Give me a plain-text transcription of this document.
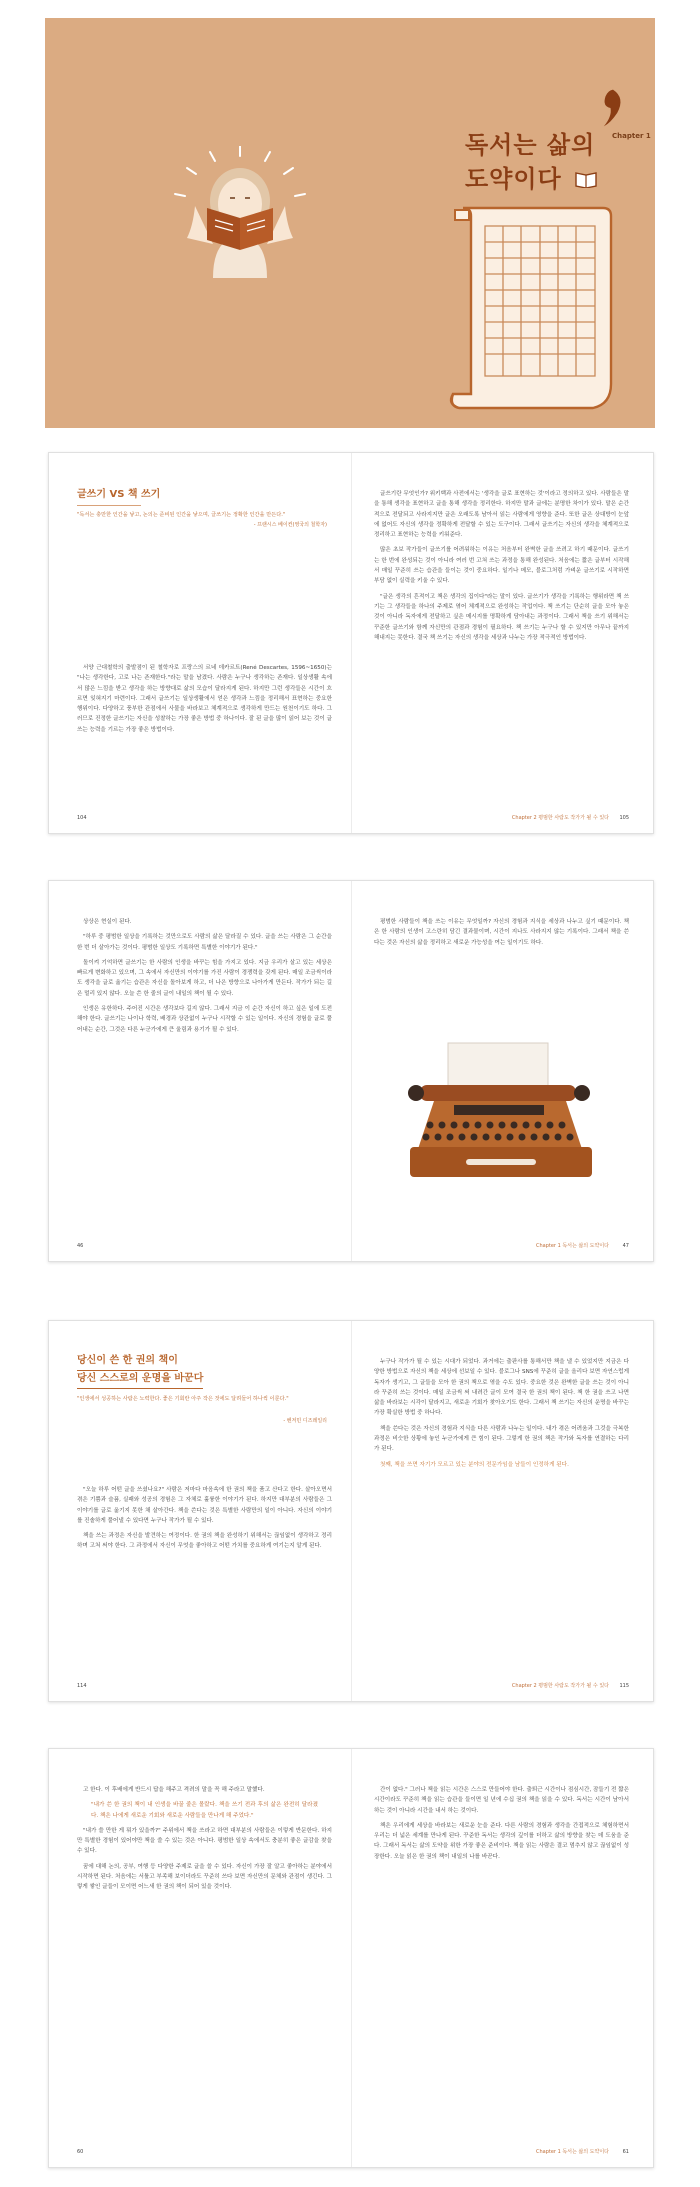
독서는 삶의
도약이다
Chapter 1
글쓰기 VS 책 쓰기
"독서는 충만한 인간을 낳고, 논의는 준비된 인간을 낳으며, 글쓰기는 정확한 인간을 만든다."
- 프랜시스 베이컨(영국의 철학자)

서양 근대철학의 출발점이 된 철학자로 프랑스의 르네 데카르트(René Descartes, 1596~1650)는 "나는 생각한다, 고로 나는 존재한다."라는 말을 남겼다. 사람은 누구나 생각하는 존재다. 일상생활 속에서 많은 느낌을 받고 생각을 하는 방향대로 삶의 모습이 달라지게 된다. 하지만 그런 생각들은 시간이 흐르면 잊혀지기 마련이다. 그래서 글쓰기는 일상생활에서 얻은 생각과 느낌을 정리해서 표현하는 중요한 행위이다. 다양하고 풍부한 관점에서 사물을 바라보고 체계적으로 생각하게 만드는 원천이기도 하다. 그러므로 진정한 글쓰기는 자신을 성찰하는 가장 좋은 방법 중 하나이다. 잘 된 글을 많이 읽어 보는 것이 글 쓰는 능력을 기르는 가장 좋은 방법이다.

104

글쓰기란 무엇인가? 위키백과 사전에서는 '생각을 글로 표현하는 것'이라고 정의하고 있다. 사람들은 말을 통해 생각을 표현하고 글을 통해 생각을 정리한다. 하지만 말과 글에는 분명한 차이가 있다. 말은 순간적으로 전달되고 사라지지만 글은 오래도록 남아서 읽는 사람에게 영향을 준다. 또한 글은 상대방이 눈앞에 없어도 자신의 생각을 정확하게 전달할 수 있는 도구이다. 그래서 글쓰기는 자신의 생각을 체계적으로 정리하고 표현하는 능력을 키워준다.

많은 초보 작가들이 글쓰기를 어려워하는 이유는 처음부터 완벽한 글을 쓰려고 하기 때문이다. 글쓰기는 한 번에 완성되는 것이 아니라 여러 번 고쳐 쓰는 과정을 통해 완성된다. 처음에는 짧은 글부터 시작해서 매일 꾸준히 쓰는 습관을 들이는 것이 중요하다. 일기나 메모, 블로그처럼 가벼운 글쓰기로 시작하면 부담 없이 실력을 키울 수 있다.

"글은 생각의 흔적이고 책은 생각의 집이다"라는 말이 있다. 글쓰기가 생각을 기록하는 행위라면 책 쓰기는 그 생각들을 하나의 주제로 엮어 체계적으로 완성하는 작업이다. 책 쓰기는 단순히 글을 모아 놓은 것이 아니라 독자에게 전달하고 싶은 메시지를 명확하게 담아내는 과정이다. 그래서 책을 쓰기 위해서는 꾸준한 글쓰기와 함께 자신만의 관점과 경험이 필요하다. 책 쓰기는 누구나 할 수 있지만 아무나 끝까지 해내지는 못한다. 결국 책 쓰기는 자신의 생각을 세상과 나누는 가장 적극적인 방법이다.

Chapter 2 평범한 사람도 작가가 될 수 있다 105

상상은 현실이 된다.

"하루 중 평범한 일상을 기록하는 것만으로도 사람의 삶은 달라질 수 있다. 글을 쓰는 사람은 그 순간을 한 번 더 살아가는 것이다. 평범한 일상도 기록하면 특별한 이야기가 된다."

돌이켜 기억하면 글쓰기는 한 사람의 인생을 바꾸는 힘을 가지고 있다. 지금 우리가 살고 있는 세상은 빠르게 변화하고 있으며, 그 속에서 자신만의 이야기를 가진 사람이 경쟁력을 갖게 된다. 매일 조금씩이라도 생각을 글로 옮기는 습관은 자신을 돌아보게 하고, 더 나은 방향으로 나아가게 만든다. 작가가 되는 길은 멀리 있지 않다. 오늘 쓴 한 줄의 글이 내일의 책이 될 수 있다.

인생은 유한하다. 주어진 시간은 생각보다 길지 않다. 그래서 지금 이 순간 자신이 하고 싶은 일에 도전해야 한다. 글쓰기는 나이나 학력, 배경과 상관없이 누구나 시작할 수 있는 일이다. 자신의 경험을 글로 풀어내는 순간, 그것은 다른 누군가에게 큰 울림과 용기가 될 수 있다.

46

평범한 사람들이 책을 쓰는 이유는 무엇일까? 자신의 경험과 지식을 세상과 나누고 싶기 때문이다. 책은 한 사람의 인생이 고스란히 담긴 결과물이며, 시간이 지나도 사라지지 않는 기록이다. 그래서 책을 쓴다는 것은 자신의 삶을 정리하고 새로운 가능성을 여는 일이기도 하다.

Chapter 1 독서는 삶의 도약이다	47
당신이 쓴 한 권의 책이
당신 스스로의 운명을 바꾼다
"인생에서 성공하는 사람은 노력한다. 좋은 기회란 아주 작은 것에도 달려들어 하나씩 이룬다."
- 벤저민 디즈레일리

"오늘 하루 어떤 글을 쓰셨나요?" 사람은 저마다 마음속에 한 권의 책을 품고 산다고 한다. 살아오면서 겪은 기쁨과 슬픔, 실패와 성공의 경험은 그 자체로 훌륭한 이야기가 된다. 하지만 대부분의 사람들은 그 이야기를 글로 옮기지 못한 채 살아간다. 책을 쓴다는 것은 특별한 사람만의 일이 아니다. 자신의 이야기를 진솔하게 풀어낼 수 있다면 누구나 작가가 될 수 있다.

책을 쓰는 과정은 자신을 발견하는 여정이다. 한 권의 책을 완성하기 위해서는 끊임없이 생각하고 정리하며 고쳐 써야 한다. 그 과정에서 자신이 무엇을 좋아하고 어떤 가치를 중요하게 여기는지 알게 된다.

114

누구나 작가가 될 수 있는 시대가 되었다. 과거에는 출판사를 통해서만 책을 낼 수 있었지만 지금은 다양한 방법으로 자신의 책을 세상에 선보일 수 있다. 블로그나 SNS에 꾸준히 글을 올리다 보면 자연스럽게 독자가 생기고, 그 글들을 모아 한 권의 책으로 엮을 수도 있다. 중요한 것은 완벽한 글을 쓰는 것이 아니라 꾸준히 쓰는 것이다. 매일 조금씩 써 내려간 글이 모여 결국 한 권의 책이 된다. 책 한 권을 쓰고 나면 삶을 바라보는 시각이 달라지고, 새로운 기회가 찾아오기도 한다. 그래서 책 쓰기는 자신의 운명을 바꾸는 가장 확실한 방법 중 하나다.

책을 쓴다는 것은 자신의 경험과 지식을 다른 사람과 나누는 일이다. 내가 겪은 어려움과 그것을 극복한 과정은 비슷한 상황에 놓인 누군가에게 큰 힘이 된다. 그렇게 한 권의 책은 작가와 독자를 연결하는 다리가 된다.

첫째, 책을 쓰면 자기가 모르고 있는 분야의 전문가임을 남들이 인정하게 된다.

Chapter 2 평범한 사람도 작가가 될 수 있다 115

고 한다. 이 후배에게 반드시 답을 해주고 격려의 말을 꼭 해 주라고 말했다.

"내가 쓴 한 권의 책이 내 인생을 바꿀 줄은 몰랐다. 책을 쓰기 전과 후의 삶은 완전히 달라졌다. 책은 나에게 새로운 기회와 새로운 사람들을 만나게 해 주었다."

"내가 쓸 만한 게 뭐가 있을까?" 주위에서 책을 쓰라고 하면 대부분의 사람들은 이렇게 반문한다. 하지만 특별한 경험이 있어야만 책을 쓸 수 있는 것은 아니다. 평범한 일상 속에서도 충분히 좋은 글감을 찾을 수 있다.

꿈에 대해 논의, 공부, 여행 등 다양한 주제로 글을 쓸 수 있다. 자신이 가장 잘 알고 좋아하는 분야에서 시작하면 된다. 처음에는 서툴고 부족해 보이더라도 꾸준히 쓰다 보면 자신만의 문체와 관점이 생긴다. 그렇게 쌓인 글들이 모이면 어느새 한 권의 책이 되어 있을 것이다.

60

간이 없다." 그러나 책을 읽는 시간은 스스로 만들어야 한다. 출퇴근 시간이나 점심시간, 잠들기 전 짧은 시간이라도 꾸준히 책을 읽는 습관을 들이면 일 년에 수십 권의 책을 읽을 수 있다. 독서는 시간이 남아서 하는 것이 아니라 시간을 내서 하는 것이다.

책은 우리에게 세상을 바라보는 새로운 눈을 준다. 다른 사람의 경험과 생각을 간접적으로 체험하면서 우리는 더 넓은 세계를 만나게 된다. 꾸준한 독서는 생각의 깊이를 더하고 삶의 방향을 찾는 데 도움을 준다. 그래서 독서는 삶의 도약을 위한 가장 좋은 준비이다. 책을 읽는 사람은 결코 멈추지 않고 끊임없이 성장한다. 오늘 읽은 한 권의 책이 내일의 나를 바꾼다.

Chapter 1 독서는 삶의 도약이다	61
